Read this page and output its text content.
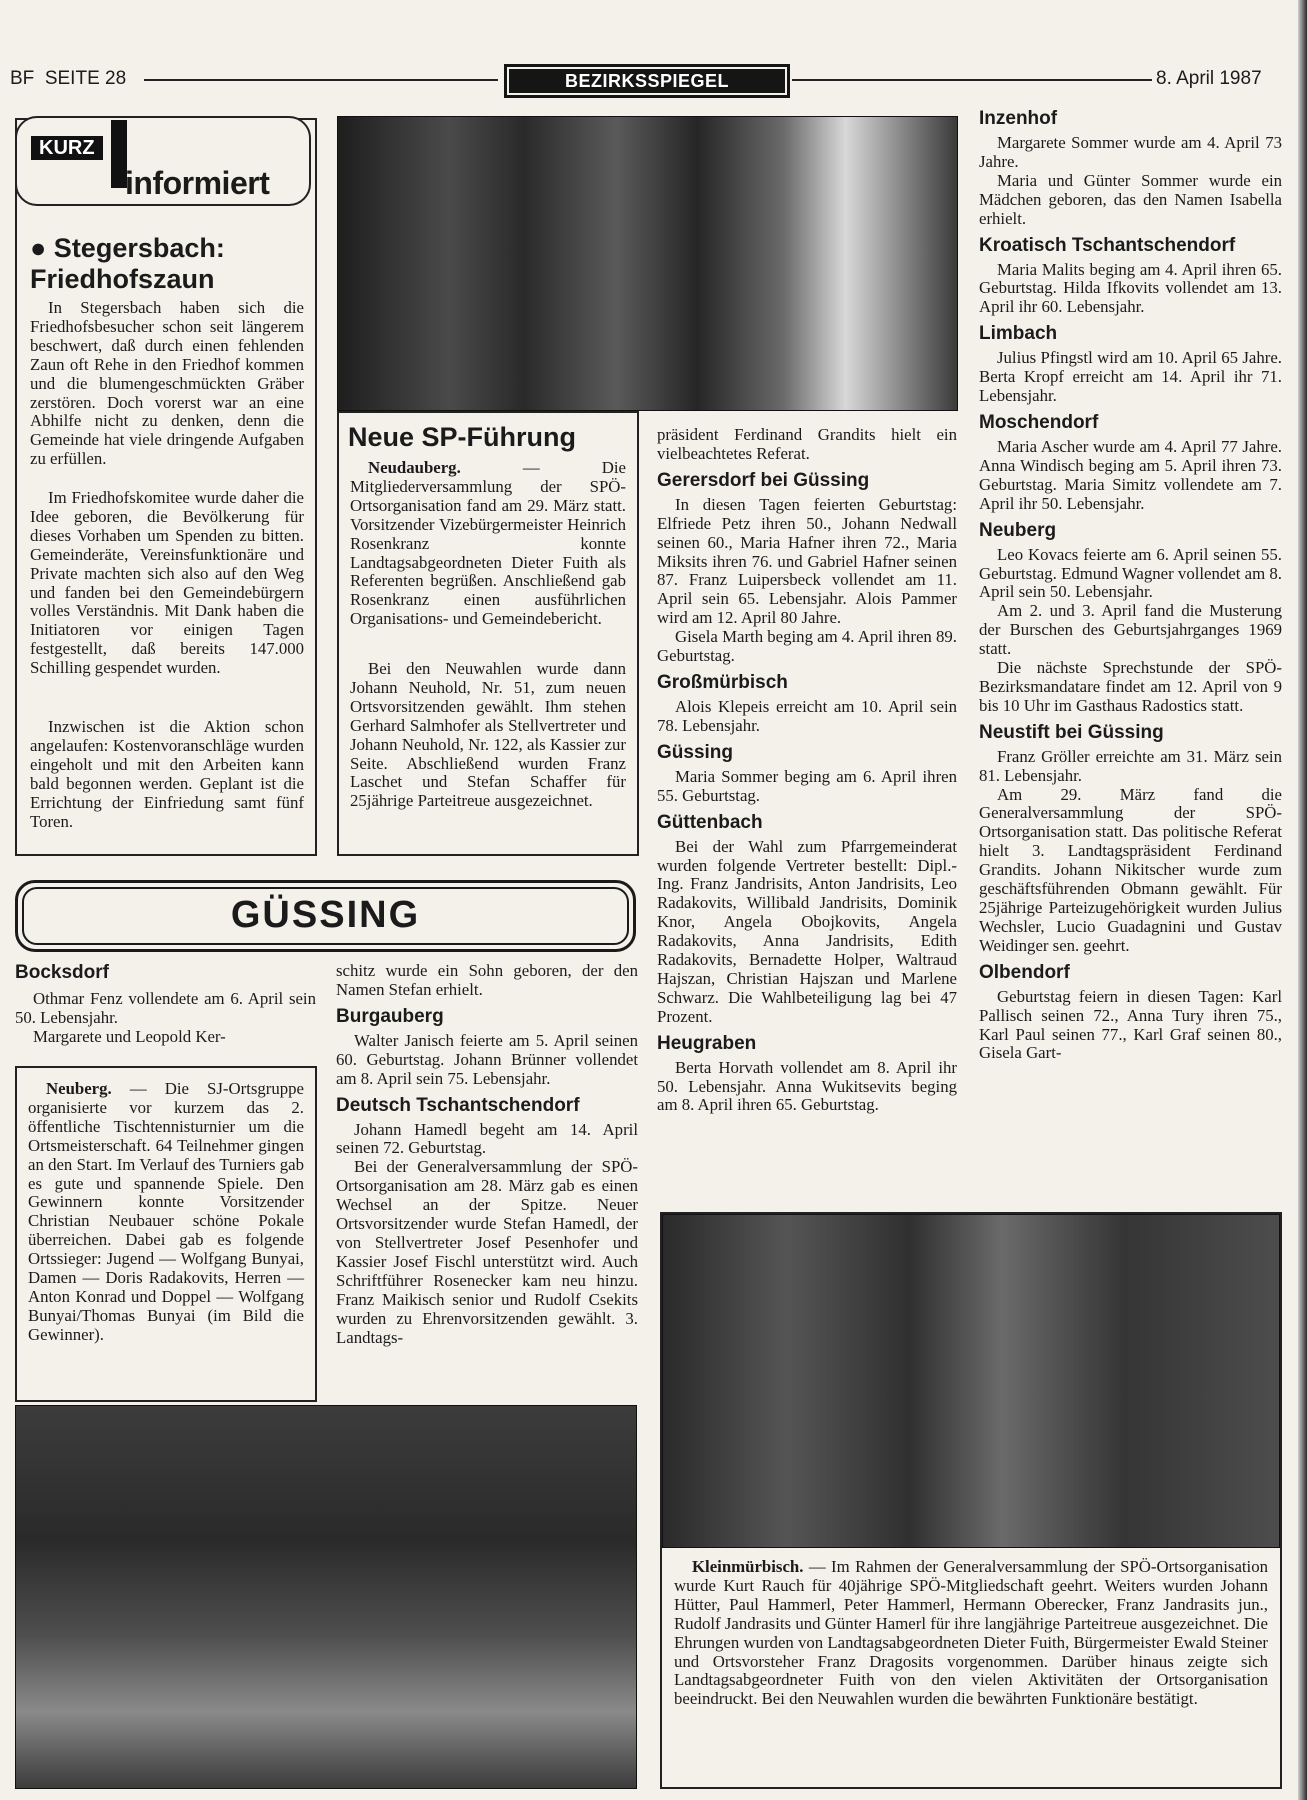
BF  SEITE 28	BEZIRKSSPIEGEL	8. April 1987
KURZ
informiert
● Stegersbach:
Friedhofszaun

In Stegersbach haben sich die Friedhofsbesucher schon seit längerem beschwert, daß durch einen fehlenden Zaun oft Rehe in den Friedhof kommen und die blumengeschmückten Gräber zerstören. Doch vorerst war an eine Abhilfe nicht zu denken, denn die Gemeinde hat viele dringende Aufgaben zu erfüllen.

Im Friedhofskomitee wurde daher die Idee geboren, die Bevölkerung für dieses Vorhaben um Spenden zu bitten. Gemeinderäte, Vereinsfunktionäre und Private machten sich also auf den Weg und fanden bei den Gemeindebürgern volles Verständnis. Mit Dank haben die Initiatoren vor einigen Tagen festgestellt, daß bereits 147.000 Schilling gespendet wurden.

Inzwischen ist die Aktion schon angelaufen: Kostenvoranschläge wurden eingeholt und mit den Arbeiten kann bald begonnen werden. Geplant ist die Errichtung der Einfriedung samt fünf Toren.

Neue SP-Führung

Neudauberg. — Die Mitgliederversammlung der SPÖ-Ortsorganisation fand am 29. März statt. Vorsitzender Vizebürgermeister Heinrich Rosenkranz konnte Landtagsabgeordneten Dieter Fuith als Referenten begrüßen. Anschließend gab Rosenkranz einen ausführlichen Organisations- und Gemeindebericht.

Bei den Neuwahlen wurde dann Johann Neuhold, Nr. 51, zum neuen Ortsvorsitzenden gewählt. Ihm stehen Gerhard Salmhofer als Stellvertreter und Johann Neuhold, Nr. 122, als Kassier zur Seite. Abschließend wurden Franz Laschet und Stefan Schaffer für 25jährige Parteitreue ausgezeichnet.

präsident Ferdinand Grandits hielt ein vielbeachtetes Referat.

Gerersdorf bei Güssing

In diesen Tagen feierten Geburtstag: Elfriede Petz ihren 50., Johann Nedwall seinen 60., Maria Hafner ihren 72., Maria Miksits ihren 76. und Gabriel Hafner seinen 87. Franz Luipersbeck vollendet am 11. April sein 65. Lebensjahr. Alois Pammer wird am 12. April 80 Jahre.

Gisela Marth beging am 4. April ihren 89. Geburtstag.

Großmürbisch

Alois Klepeis erreicht am 10. April sein 78. Lebensjahr.

Güssing

Maria Sommer beging am 6. April ihren 55. Geburtstag.

Güttenbach

Bei der Wahl zum Pfarrgemeinderat wurden folgende Vertreter bestellt: Dipl.-Ing. Franz Jandrisits, Anton Jandrisits, Leo Radakovits, Willibald Jandrisits, Dominik Knor, Angela Obojkovits, Angela Radakovits, Anna Jandrisits, Edith Radakovits, Bernadette Holper, Waltraud Hajszan, Christian Hajszan und Marlene Schwarz. Die Wahlbeteiligung lag bei 47 Prozent.

Heugraben

Berta Horvath vollendet am 8. April ihr 50. Lebensjahr. Anna Wukitsevits beging am 8. April ihren 65. Geburtstag.

Inzenhof

Margarete Sommer wurde am 4. April 73 Jahre.

Maria und Günter Sommer wurde ein Mädchen geboren, das den Namen Isabella erhielt.

Kroatisch Tschantschendorf

Maria Malits beging am 4. April ihren 65. Geburtstag. Hilda Ifkovits vollendet am 13. April ihr 60. Lebensjahr.

Limbach

Julius Pfingstl wird am 10. April 65 Jahre. Berta Kropf erreicht am 14. April ihr 71. Lebensjahr.

Moschendorf

Maria Ascher wurde am 4. April 77 Jahre. Anna Windisch beging am 5. April ihren 73. Geburtstag. Maria Simitz vollendete am 7. April ihr 50. Lebensjahr.

Neuberg

Leo Kovacs feierte am 6. April seinen 55. Geburtstag. Edmund Wagner vollendet am 8. April sein 50. Lebensjahr.

Am 2. und 3. April fand die Musterung der Burschen des Geburtsjahrganges 1969 statt.

Die nächste Sprechstunde der SPÖ-Bezirksmandatare findet am 12. April von 9 bis 10 Uhr im Gasthaus Radostics statt.

Neustift bei Güssing

Franz Gröller erreichte am 31. März sein 81. Lebensjahr.

Am 29. März fand die Generalversammlung der SPÖ-Ortsorganisation statt. Das politische Referat hielt 3. Landtagspräsident Ferdinand Grandits. Johann Nikitscher wurde zum geschäftsführenden Obmann gewählt. Für 25jährige Parteizugehörigkeit wurden Julius Wechsler, Lucio Guadagnini und Gustav Weidinger sen. geehrt.

Olbendorf

Geburtstag feiern in diesen Tagen: Karl Pallisch seinen 72., Anna Tury ihren 75., Karl Paul seinen 77., Karl Graf seinen 80., Gisela Gart-

GÜSSING
Bocksdorf

Othmar Fenz vollendete am 6. April sein 50. Lebensjahr.

Margarete und Leopold Ker-

Neuberg. — Die SJ-Ortsgruppe organisierte vor kurzem das 2. öffentliche Tischtennisturnier um die Ortsmeisterschaft. 64 Teilnehmer gingen an den Start. Im Verlauf des Turniers gab es gute und spannende Spiele. Den Gewinnern konnte Vorsitzender Christian Neubauer schöne Pokale überreichen. Dabei gab es folgende Ortssieger: Jugend — Wolfgang Bunyai, Damen — Doris Radakovits, Herren — Anton Konrad und Doppel — Wolfgang Bunyai/Thomas Bunyai (im Bild die Gewinner).

schitz wurde ein Sohn geboren, der den Namen Stefan erhielt.

Burgauberg

Walter Janisch feierte am 5. April seinen 60. Geburtstag. Johann Brünner vollendet am 8. April sein 75. Lebensjahr.

Deutsch Tschantschendorf

Johann Hamedl begeht am 14. April seinen 72. Geburtstag.

Bei der Generalversammlung der SPÖ-Ortsorganisation am 28. März gab es einen Wechsel an der Spitze. Neuer Ortsvorsitzender wurde Stefan Hamedl, der von Stellvertreter Josef Pesenhofer und Kassier Josef Fischl unterstützt wird. Auch Schriftführer Rosenecker kam neu hinzu. Franz Maikisch senior und Rudolf Csekits wurden zu Ehrenvorsitzenden gewählt. 3. Landtags-

Kleinmürbisch. — Im Rahmen der Generalversammlung der SPÖ-Ortsorganisation wurde Kurt Rauch für 40jährige SPÖ-Mitgliedschaft geehrt. Weiters wurden Johann Hütter, Paul Hammerl, Peter Hammerl, Hermann Oberecker, Franz Jandrasits jun., Rudolf Jandrasits und Günter Hamerl für ihre langjährige Parteitreue ausgezeichnet. Die Ehrungen wurden von Landtagsabgeordneten Dieter Fuith, Bürgermeister Ewald Steiner und Ortsvorsteher Franz Dragosits vorgenommen. Darüber hinaus zeigte sich Landtagsabgeordneter Fuith von den vielen Aktivitäten der Ortsorganisation beeindruckt. Bei den Neuwahlen wurden die bewährten Funktionäre bestätigt.
